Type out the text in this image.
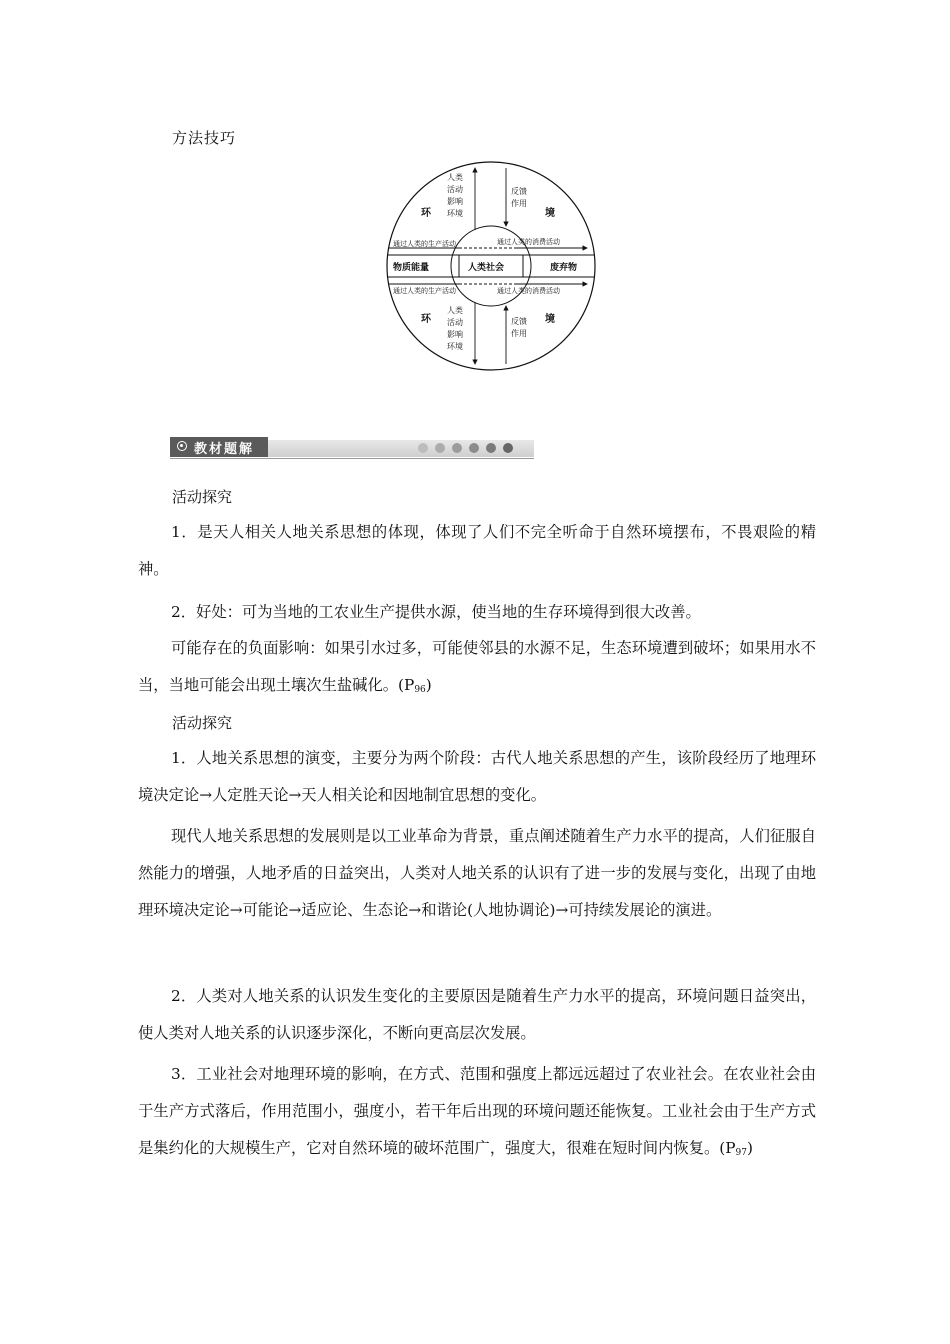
方法技巧
环	境
环	境
人类
活动
影响
环境
反馈
作用
人类
活动
影响
环境
反馈
作用
通过人类的生产活动	通过人类的消费活动
通过人类的生产活动	通过人类的消费活动
物质能量	人类社会	废弃物
教材题解
活动探究
1．是天人相关人地关系思想的体现，体现了人们不完全听命于自然环境摆布，不畏艰险的精神。
2．好处：可为当地的工农业生产提供水源，使当地的生存环境得到很大改善。
可能存在的负面影响：如果引水过多，可能使邻县的水源不足，生态环境遭到破坏；如果用水不当，当地可能会出现土壤次生盐碱化。$(P_{96})$
活动探究
1．人地关系思想的演变，主要分为两个阶段：古代人地关系思想的产生，该阶段经历了地理环境决定论→人定胜天论→天人相关论和因地制宜思想的变化。
现代人地关系思想的发展则是以工业革命为背景，重点阐述随着生产力水平的提高，人们征服自然能力的增强，人地矛盾的日益突出，人类对人地关系的认识有了进一步的发展与变化，出现了由地理环境决定论→可能论→适应论、生态论→和谐论(人地协调论)→可持续发展论的演进。
2．人类对人地关系的认识发生变化的主要原因是随着生产力水平的提高，环境问题日益突出，使人类对人地关系的认识逐步深化，不断向更高层次发展。
3．工业社会对地理环境的影响，在方式、范围和强度上都远远超过了农业社会。在农业社会由于生产方式落后，作用范围小，强度小，若干年后出现的环境问题还能恢复。工业社会由于生产方式是集约化的大规模生产，它对自然环境的破坏范围广，强度大，很难在短时间内恢复。$(P_{97})$
